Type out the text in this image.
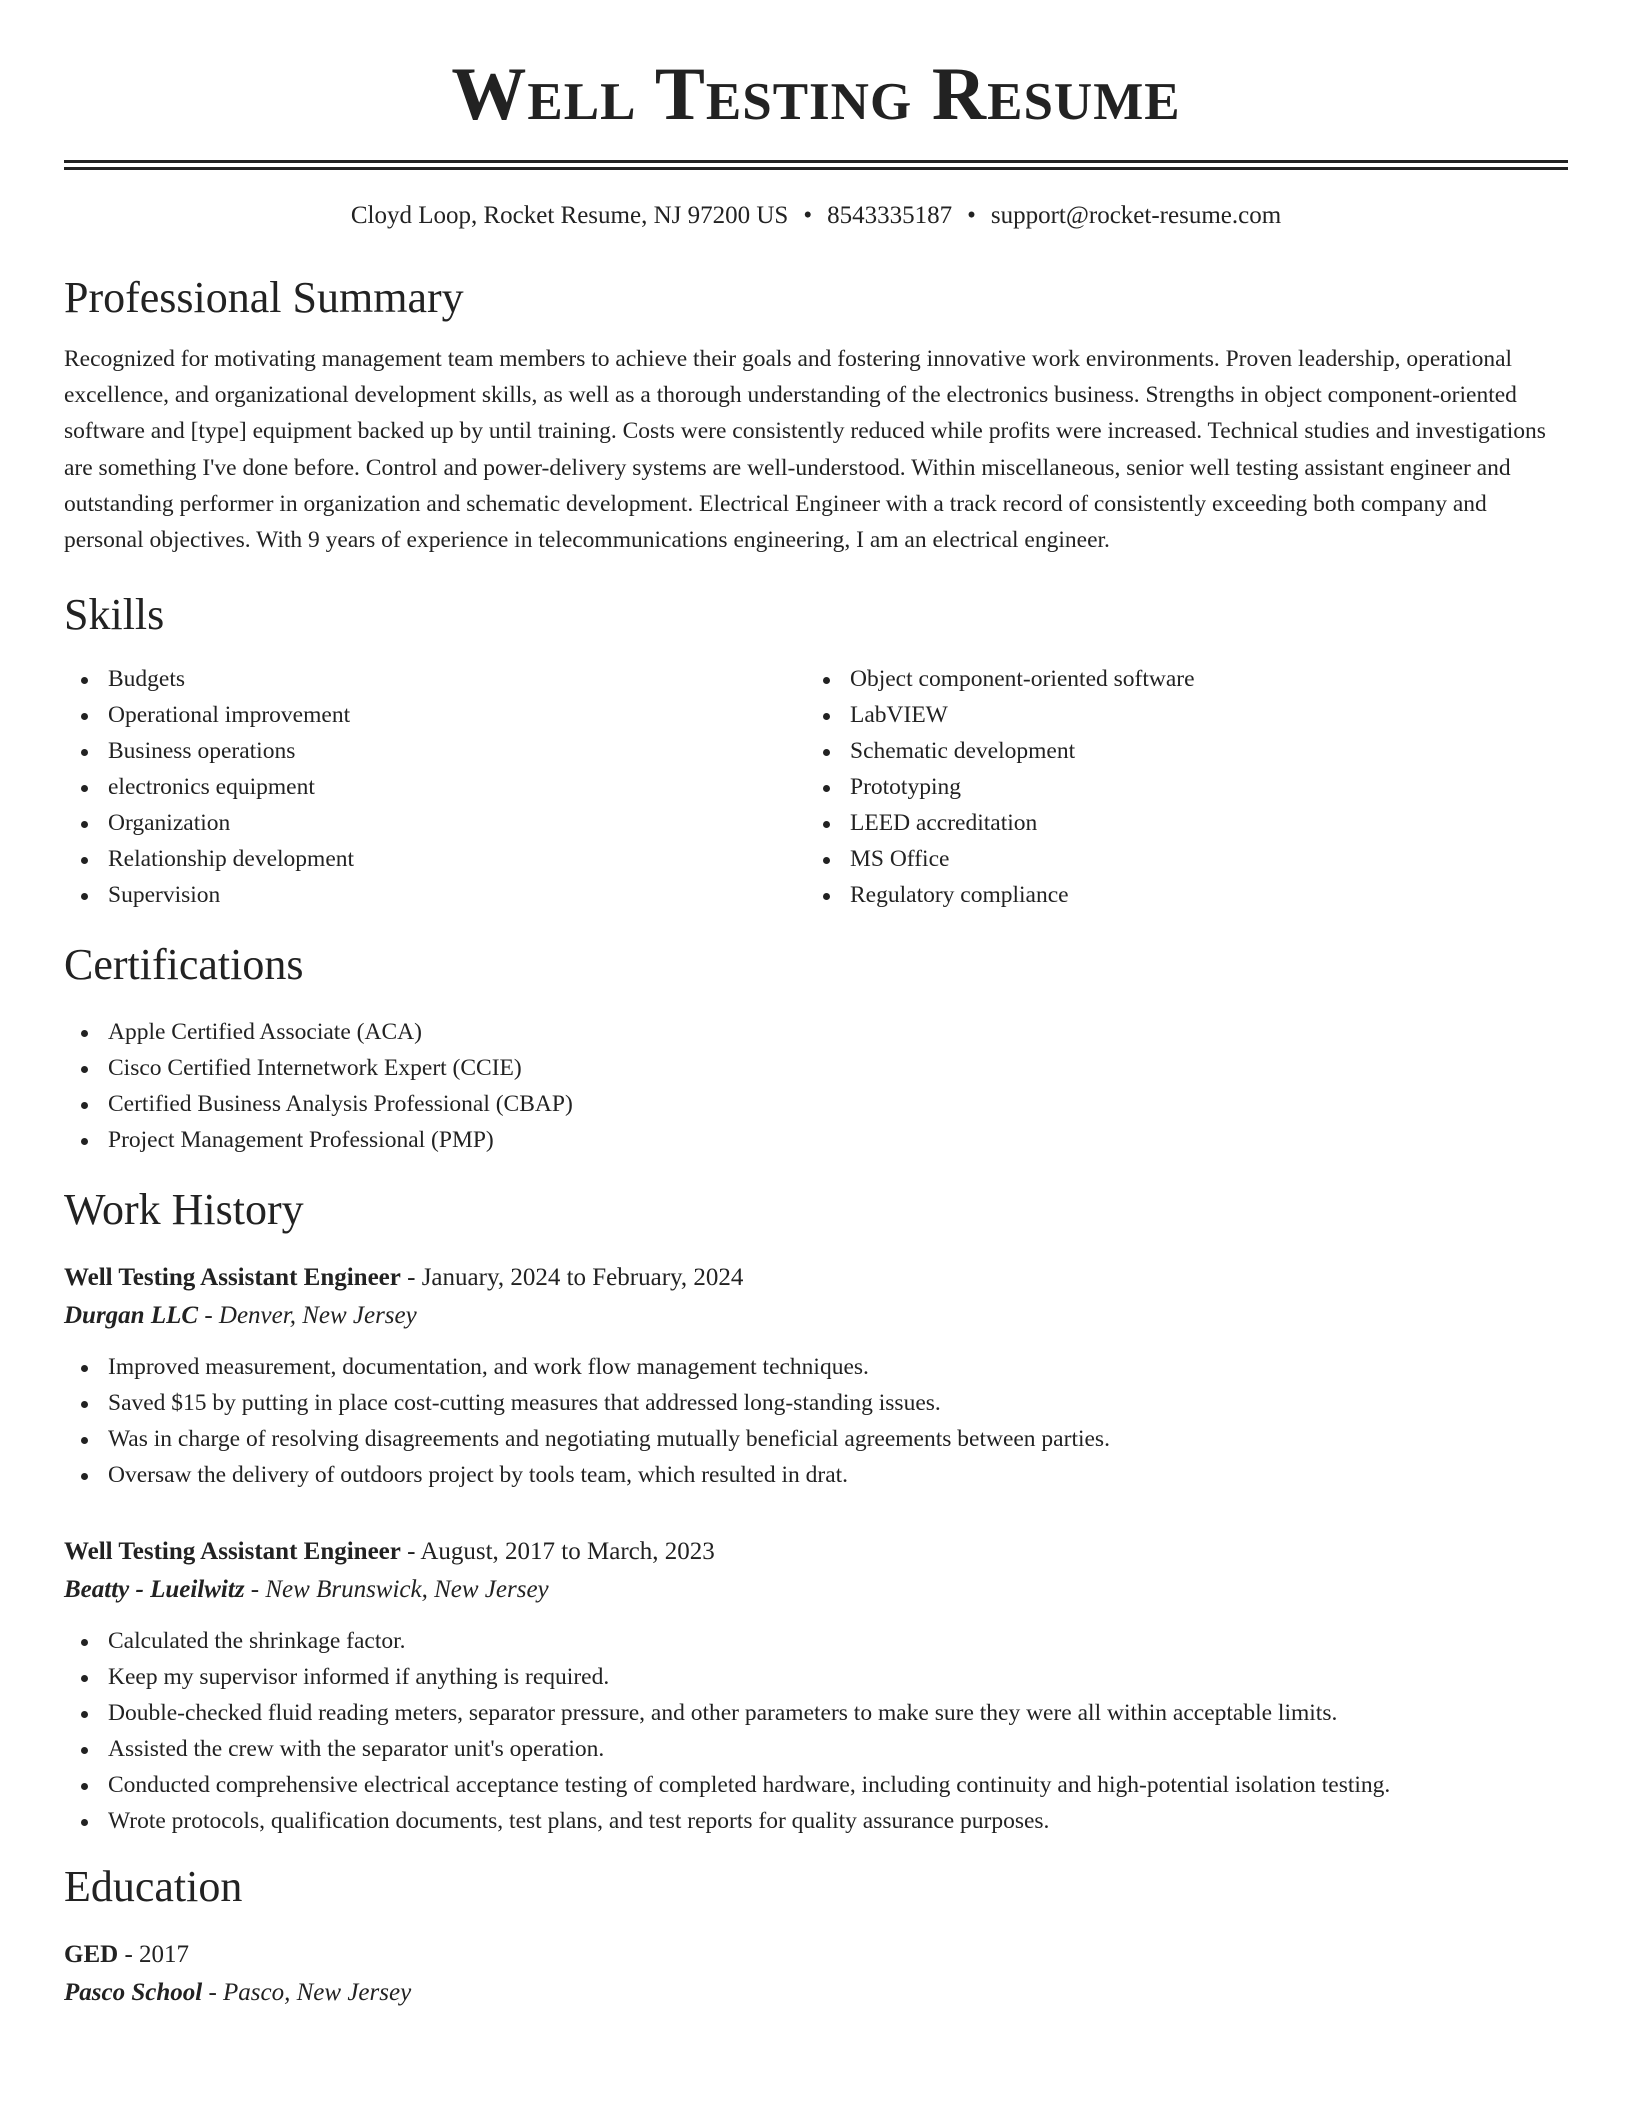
Well Testing Resume
Cloyd Loop, Rocket Resume, NJ 97200 US • 8543335187 • support@rocket-resume.com
Professional Summary

Recognized for motivating management team members to achieve their goals and fostering innovative work environments. Proven leadership, operational excellence, and organizational development skills, as well as a thorough understanding of the electronics business. Strengths in object component-oriented software and [type] equipment backed up by until training. Costs were consistently reduced while profits were increased. Technical studies and investigations are something I've done before. Control and power-delivery systems are well-understood. Within miscellaneous, senior well testing assistant engineer and outstanding performer in organization and schematic development. Electrical Engineer with a track record of consistently exceeding both company and personal objectives. With 9 years of experience in telecommunications engineering, I am an electrical engineer.

Skills
Budgets
Operational improvement
Business operations
electronics equipment
Organization
Relationship development
Supervision
Object component-oriented software
LabVIEW
Schematic development
Prototyping
LEED accreditation
MS Office
Regulatory compliance
Certifications
Apple Certified Associate (ACA)
Cisco Certified Internetwork Expert (CCIE)
Certified Business Analysis Professional (CBAP)
Project Management Professional (PMP)
Work History
Well Testing Assistant Engineer - January, 2024 to February, 2024
Durgan LLC - Denver, New Jersey
Improved measurement, documentation, and work flow management techniques.
Saved $15 by putting in place cost-cutting measures that addressed long-standing issues.
Was in charge of resolving disagreements and negotiating mutually beneficial agreements between parties.
Oversaw the delivery of outdoors project by tools team, which resulted in drat.
Well Testing Assistant Engineer - August, 2017 to March, 2023
Beatty - Lueilwitz - New Brunswick, New Jersey
Calculated the shrinkage factor.
Keep my supervisor informed if anything is required.
Double-checked fluid reading meters, separator pressure, and other parameters to make sure they were all within acceptable limits.
Assisted the crew with the separator unit's operation.
Conducted comprehensive electrical acceptance testing of completed hardware, including continuity and high-potential isolation testing.
Wrote protocols, qualification documents, test plans, and test reports for quality assurance purposes.
Education
GED - 2017
Pasco School - Pasco, New Jersey
